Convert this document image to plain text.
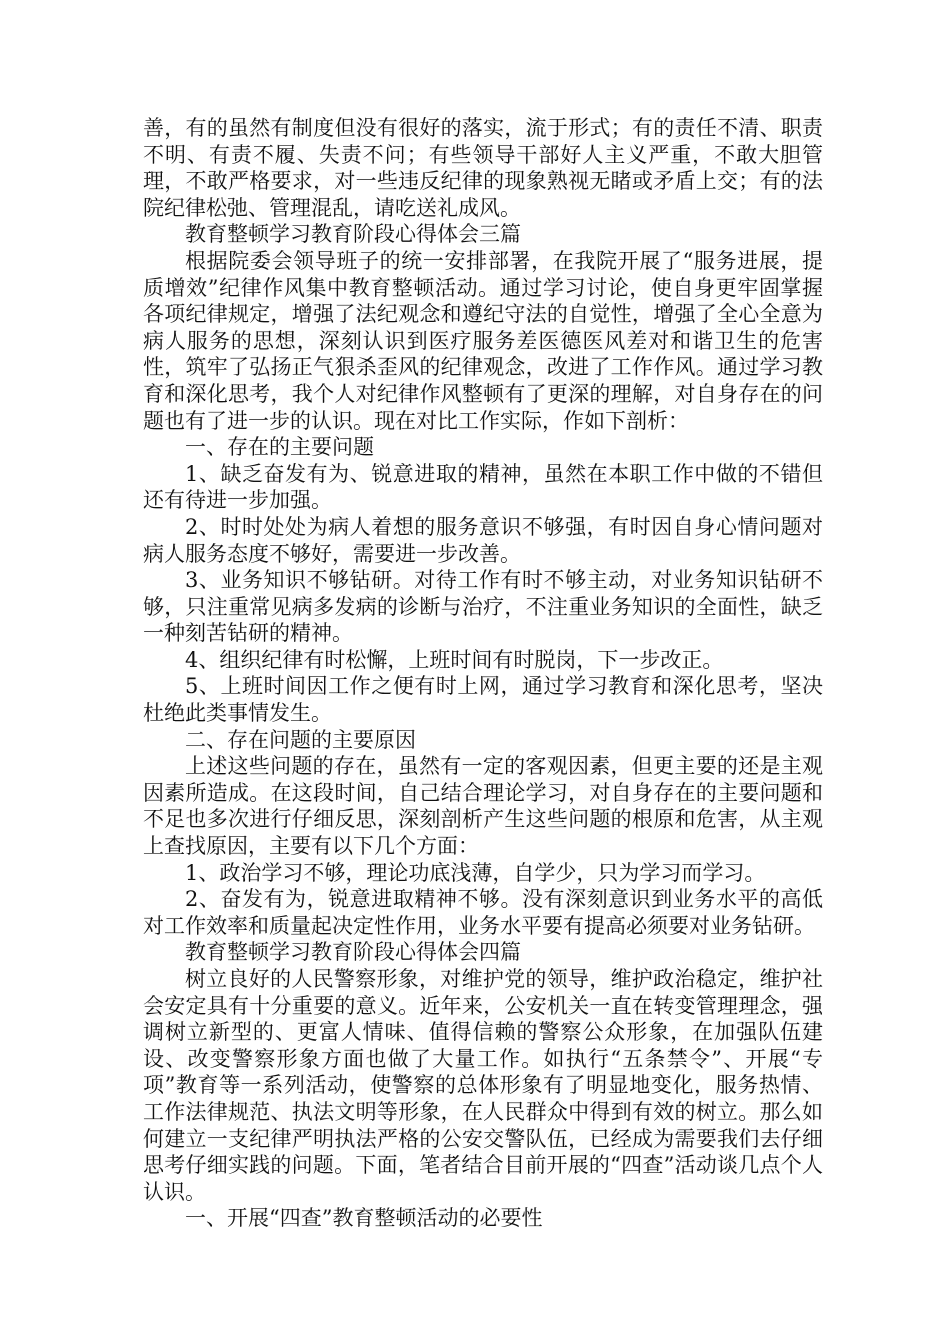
善，有的虽然有制度但没有很好的落实，流于形式；有的责任不清、职责不明、有责不履、失责不问；有些领导干部好人主义严重，不敢大胆管理，不敢严格要求，对一些违反纪律的现象熟视无睹或矛盾上交；有的法院纪律松弛、管理混乱，请吃送礼成风。

教育整顿学习教育阶段心得体会三篇

根据院委会领导班子的统一安排部署，在我院开展了“服务进展，提质增效”纪律作风集中教育整顿活动。通过学习讨论，使自身更牢固掌握各项纪律规定，增强了法纪观念和遵纪守法的自觉性，增强了全心全意为病人服务的思想，深刻认识到医疗服务差医德医风差对和谐卫生的危害性，筑牢了弘扬正气狠杀歪风的纪律观念，改进了工作作风。通过学习教育和深化思考，我个人对纪律作风整顿有了更深的理解，对自身存在的问题也有了进一步的认识。现在对比工作实际，作如下剖析：

一、存在的主要问题

1、缺乏奋发有为、锐意进取的精神，虽然在本职工作中做的不错但还有待进一步加强。

2、时时处处为病人着想的服务意识不够强，有时因自身心情问题对病人服务态度不够好，需要进一步改善。

3、业务知识不够钻研。对待工作有时不够主动，对业务知识钻研不够，只注重常见病多发病的诊断与治疗，不注重业务知识的全面性，缺乏一种刻苦钻研的精神。

4、组织纪律有时松懈，上班时间有时脱岗，下一步改正。

5、上班时间因工作之便有时上网，通过学习教育和深化思考，坚决杜绝此类事情发生。

二、存在问题的主要原因

上述这些问题的存在，虽然有一定的客观因素，但更主要的还是主观因素所造成。在这段时间，自己结合理论学习，对自身存在的主要问题和不足也多次进行仔细反思，深刻剖析产生这些问题的根原和危害，从主观上查找原因，主要有以下几个方面：

1、政治学习不够，理论功底浅薄，自学少，只为学习而学习。

2、奋发有为，锐意进取精神不够。没有深刻意识到业务水平的高低对工作效率和质量起决定性作用，业务水平要有提高必须要对业务钻研。

教育整顿学习教育阶段心得体会四篇

树立良好的人民警察形象，对维护党的领导，维护政治稳定，维护社会安定具有十分重要的意义。近年来，公安机关一直在转变管理理念，强调树立新型的、更富人情味、值得信赖的警察公众形象，在加强队伍建设、改变警察形象方面也做了大量工作。如执行“五条禁令”、开展“专项”教育等一系列活动，使警察的总体形象有了明显地变化，服务热情、工作法律规范、执法文明等形象，在人民群众中得到有效的树立。那么如何建立一支纪律严明执法严格的公安交警队伍，已经成为需要我们去仔细思考仔细实践的问题。下面，笔者结合目前开展的“四查”活动谈几点个人认识。

一、开展“四查”教育整顿活动的必要性
